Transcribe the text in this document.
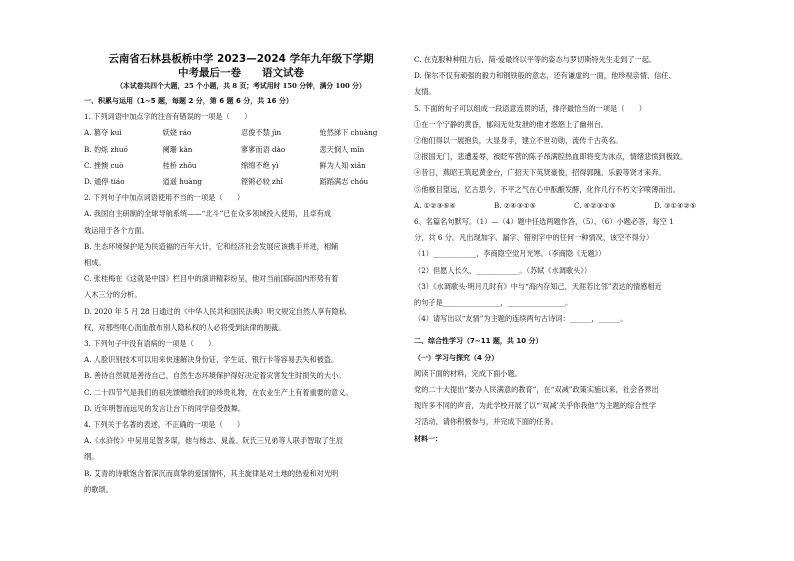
云南省石林县板桥中学 2023—2024 学年九年级下学期
中考最后一卷　　语文试卷
（本试卷共四个大题，25 个小题，共 8 页；考试用时 150 分钟，满分 100 分）

一、积累与运用（1~5 题，每题 2 分，第 6 题 6 分，共 16 分）

1. 下列词语中加点字的注音有错误的一项是（　　）

A. 篡夺 kuì	妖娆 ráo	忍俊不禁 jìn	怆然涕下 chuàng
B. 妁烁 zhuó	阑珊 kàn	寥寥而语 dào	悲天悯人 mǐn
C. 挫懊 cuò	桂桥 zhōu	绵绵不绝 yì	鲜为人知 xiǎn
D. 遁停 tiáo	逍遥 huàng	铿锵必较 zhǐ	蹈蹈满志 chóu

2. 下列句子中加点词语使用不当的一项是（　　）

A. 我国自主研制的全球导航系统——“北斗”已在众多领域投入使用，且卓有成

效运用于各个方面。

B. 生态环境保护是为民造福的百年大计，它和经济社会发展应该携手并进，相辅

相成。

C. 张桂梅在《这就是中国》栏目中的演讲精彩纷呈，他对当前国际国内形势有着

入木三分的分析。

D. 2020 年 5 月 28 日通过的《中华人民共和国民法典》明文规定自然人享有隐私

权，对那些呕心沥血散布别人隐私权的人必将受到法律的制裁。

3. 下列句子中没有语病的一项是（　　）

A. 人脸识别技术可以用来快速解决身份证、学生证、银行卡等容易丢失和被盗。

B. 善待自然就是善待自己，自然生态环境保护得好决定着灾害发生时损失的大小。

C. 二十四节气是我们的祖先馈赠给我们的珍贵礼物，在农业生产上有着重要的意义。

D. 近年明智而远见的发言让台下的同学倍受鼓舞。

4. 下列关于名著的表述，不正确的一项是（　　）

A.《水浒传》中吴用足智多谋，他与杨志、晁盖、阮氏三兄弟等人联手智取了生辰

纲。

B. 艾青的诗歌饱含着深沉而真挚的爱国情怀，其主旋律是对土地的热爱和对光明

的歌颂。

C. 在克服种种阻力后，简·爱最终以平等的姿态与罗切斯特先生走到了一起。

D. 保尔不仅有顽强的毅力和钢铁般的意志，还有谦虚的一面，他珍视亲情、信任、

友情。

5. 下面的句子可以组成一段语意连贯的话，排序最恰当的一项是（　　）

①在一个宁静的黄昏，郁闷无处发泄的他才悠悠上了幽州台。

②他们得以一展抱负，大显身手，建立不世功勋，流传千古英名。

③报国无门，悲遭羞辱，被眨军营的陈子昂满腔热血即将变为冰点，情绪悲愤到极致。

④昔日，燕昭王筑起黄金台，广招天下英贤豪俊，招得郭隗、乐毅等贤才来奔。

⑤他极目望远，忆古思今，不平之气在心中酝酿发酵，化作几行不朽文字喷薄而出。

A. ①②③⑤④	B. ②④③①⑤	C. ④②③①⑤	D. ③①④②⑤

6、名篇名句默写。（1）—（4）题中任选两题作答，（5）、（6）小题必答，每空 1

分，共 6 分。凡出现加字、漏字、错别字中的任何一种情况，该空不得分）

（1）____________，李商隐空觉月光寒。（李商隐《无题》）

（2）但愿人长久，____________。（苏轼《水调歌头》）

（3）《水调歌头·明月几时有》中与“海内存知己，天涯若比邻”表达的情感相近

的句子是________________，________________。

（4）请写出以“友情”为主题的连续两句古诗词：______，______。

二、综合性学习（7~11 题，共 10 分）

（一）学习与探究（4 分）

阅读下面的材料，完成下面小题。

党的二十大提出“要办人民满意的教育”，在“双减”政策实施以来，社会各界出

现许多不同的声音，为此学校开展了以“‘双减’关乎你我他”为主题的综合性学

习活动，请你积极参与，并完成下面的任务。

材料一：
